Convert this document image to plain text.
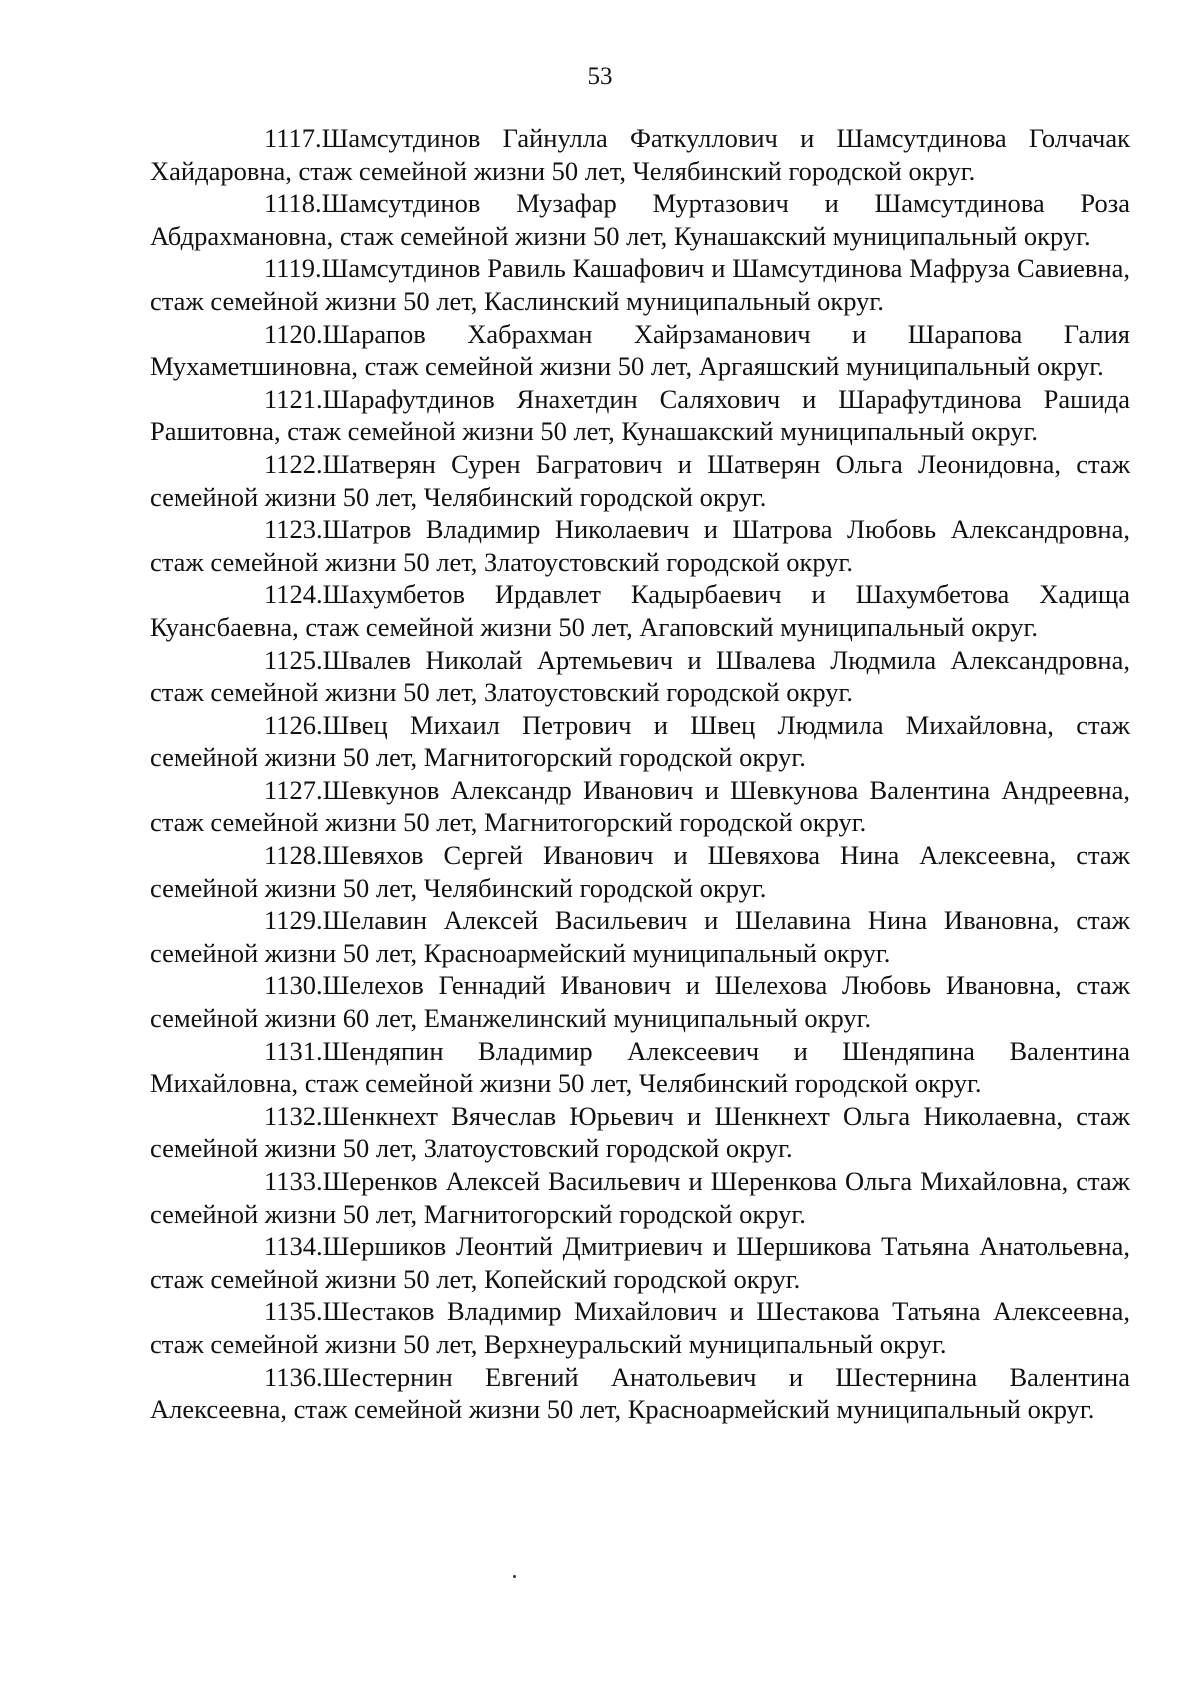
53
1117.Шамсутдинов Гайнулла Фаткуллович и Шамсутдинова Голчачак Хайдаровна, стаж семейной жизни 50 лет, Челябинский городской округ.
1118.Шамсутдинов Музафар Муртазович и Шамсутдинова Роза Абдрахмановна, стаж семейной жизни 50 лет, Кунашакский муниципальный округ.
1119.Шамсутдинов Равиль Кашафович и Шамсутдинова Мафруза Савиевна, стаж семейной жизни 50 лет, Каслинский муниципальный округ.
1120.Шарапов Хабрахман Хайрзаманович и Шарапова Галия Мухаметшиновна, стаж семейной жизни 50 лет, Аргаяшский муниципальный округ.
1121.Шарафутдинов Янахетдин Саляхович и Шарафутдинова Рашида Рашитовна, стаж семейной жизни 50 лет, Кунашакский муниципальный округ.
1122.Шатверян Сурен Багратович и Шатверян Ольга Леонидовна, стаж семейной жизни 50 лет, Челябинский городской округ.
1123.Шатров Владимир Николаевич и Шатрова Любовь Александровна, стаж семейной жизни 50 лет, Златоустовский городской округ.
1124.Шахумбетов Ирдавлет Кадырбаевич и Шахумбетова Хадища Куансбаевна, стаж семейной жизни 50 лет, Агаповский муниципальный округ.
1125.Швалев Николай Артемьевич и Швалева Людмила Александровна, стаж семейной жизни 50 лет, Златоустовский городской округ.
1126.Швец Михаил Петрович и Швец Людмила Михайловна, стаж семейной жизни 50 лет, Магнитогорский городской округ.
1127.Шевкунов Александр Иванович и Шевкунова Валентина Андреевна, стаж семейной жизни 50 лет, Магнитогорский городской округ.
1128.Шевяхов Сергей Иванович и Шевяхова Нина Алексеевна, стаж семейной жизни 50 лет, Челябинский городской округ.
1129.Шелавин Алексей Васильевич и Шелавина Нина Ивановна, стаж семейной жизни 50 лет, Красноармейский муниципальный округ.
1130.Шелехов Геннадий Иванович и Шелехова Любовь Ивановна, стаж семейной жизни 60 лет, Еманжелинский муниципальный округ.
1131.Шендяпин Владимир Алексеевич и Шендяпина Валентина Михайловна, стаж семейной жизни 50 лет, Челябинский городской округ.
1132.Шенкнехт Вячеслав Юрьевич и Шенкнехт Ольга Николаевна, стаж семейной жизни 50 лет, Златоустовский городской округ.
1133.Шеренков Алексей Васильевич и Шеренкова Ольга Михайловна, стаж семейной жизни 50 лет, Магнитогорский городской округ.
1134.Шершиков Леонтий Дмитриевич и Шершикова Татьяна Анатольевна, стаж семейной жизни 50 лет, Копейский городской округ.
1135.Шестаков Владимир Михайлович и Шестакова Татьяна Алексеевна, стаж семейной жизни 50 лет, Верхнеуральский муниципальный округ.
1136.Шестернин Евгений Анатольевич и Шестернина Валентина Алексеевна, стаж семейной жизни 50 лет, Красноармейский муниципальный округ.
